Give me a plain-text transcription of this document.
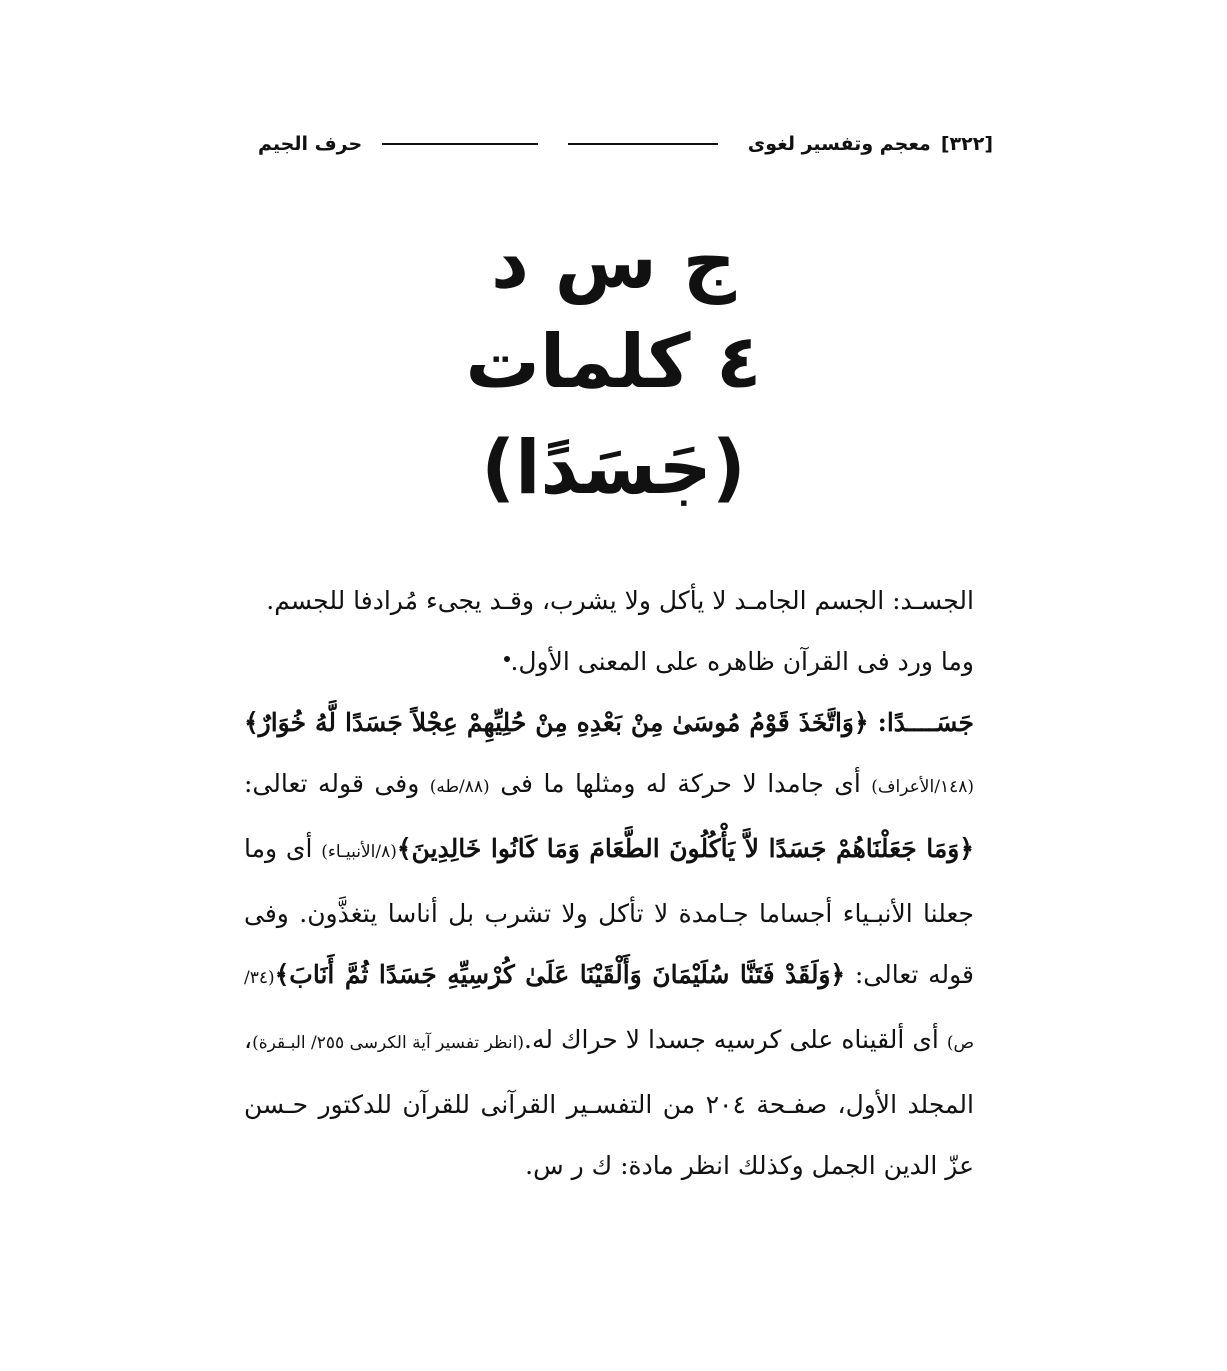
[٣٢٢]
معجم وتفسير لغوى
حرف الجيم
ج س د
٤ كلمات
(جَسَدًا)

الجسـد: الجسم الجامـد لا يأكل ولا يشرب، وقـد يجىء مُرادفا للجسم.

وما ورد فى القرآن ظاهره على المعنى الأول.

جَسَــــدًا: ﴿وَاتَّخَذَ قَوْمُ مُوسَىٰ مِنْ بَعْدِهِ مِنْ حُلِيِّهِمْ عِجْلاً جَسَدًا لَّهُ خُوَارٌ﴾(١٤٨/الأعراف) أى جامدا لا حركة له ومثلها ما فى (٨٨/طه) وفى قوله تعالى: ﴿وَمَا جَعَلْنَاهُمْ جَسَدًا لاَّ يَأْكُلُونَ الطَّعَامَ وَمَا كَانُوا خَالِدِينَ﴾(٨/الأنبيـاء) أى وما جعلنا الأنبـياء أجساما جـامدة لا تأكل ولا تشرب بل أناسا يتغذَّون. وفى قوله تعالى: ﴿وَلَقَدْ فَتَنَّا سُلَيْمَانَ وَأَلْقَيْنَا عَلَىٰ كُرْسِيِّهِ جَسَدًا ثُمَّ أَنَابَ﴾(٣٤/ص) أى ألقيناه على كرسيه جسدا لا حراك له.(انظر تفسير آية الكرسى ٢٥٥/ البـقرة)، المجلد الأول، صفـحة ٢٠٤ من التفسـير القرآنى للقرآن للدكتور حـسن عزّ الدين الجمل وكذلك انظر مادة: ك ر س.
